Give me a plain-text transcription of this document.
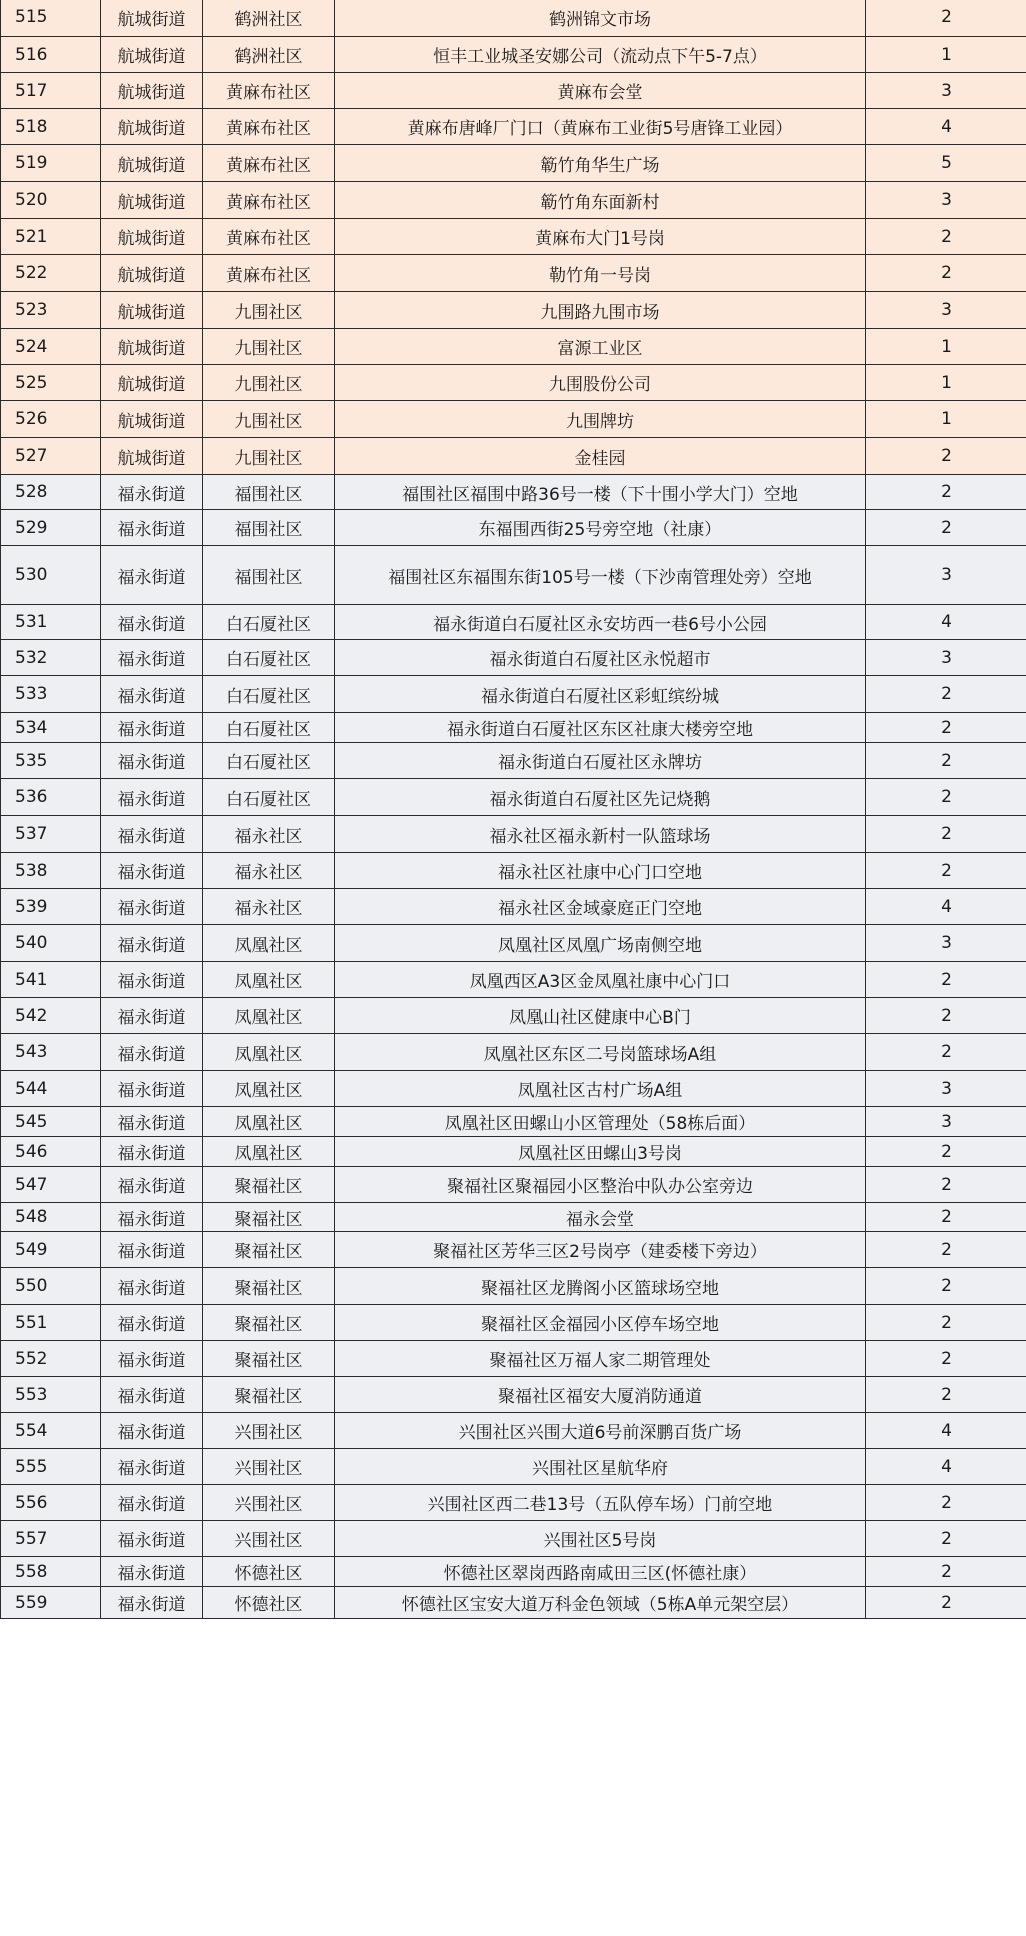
515	航城街道	鹤洲社区	鹤洲锦文市场	2
516	航城街道	鹤洲社区	恒丰工业城圣安娜公司（流动点下午5-7点）	1
517	航城街道	黄麻布社区	黄麻布会堂	3
518	航城街道	黄麻布社区	黄麻布唐峰厂门口（黄麻布工业街5号唐锋工业园）	4
519	航城街道	黄麻布社区	簕竹角华生广场	5
520	航城街道	黄麻布社区	簕竹角东面新村	3
521	航城街道	黄麻布社区	黄麻布大门1号岗	2
522	航城街道	黄麻布社区	勒竹角一号岗	2
523	航城街道	九围社区	九围路九围市场	3
524	航城街道	九围社区	富源工业区	1
525	航城街道	九围社区	九围股份公司	1
526	航城街道	九围社区	九围牌坊	1
527	航城街道	九围社区	金桂园	2
528	福永街道	福围社区	福围社区福围中路36号一楼（下十围小学大门）空地	2
529	福永街道	福围社区	东福围西街25号旁空地（社康）	2
530	福永街道	福围社区	福围社区东福围东街105号一楼（下沙南管理处旁）空地	3
531	福永街道	白石厦社区	福永街道白石厦社区永安坊西一巷6号小公园	4
532	福永街道	白石厦社区	福永街道白石厦社区永悦超市	3
533	福永街道	白石厦社区	福永街道白石厦社区彩虹缤纷城	2
534	福永街道	白石厦社区	福永街道白石厦社区东区社康大楼旁空地	2
535	福永街道	白石厦社区	福永街道白石厦社区永牌坊	2
536	福永街道	白石厦社区	福永街道白石厦社区先记烧鹅	2
537	福永街道	福永社区	福永社区福永新村一队篮球场	2
538	福永街道	福永社区	福永社区社康中心门口空地	2
539	福永街道	福永社区	福永社区金域豪庭正门空地	4
540	福永街道	凤凰社区	凤凰社区凤凰广场南侧空地	3
541	福永街道	凤凰社区	凤凰西区A3区金凤凰社康中心门口	2
542	福永街道	凤凰社区	凤凰山社区健康中心B门	2
543	福永街道	凤凰社区	凤凰社区东区二号岗篮球场A组	2
544	福永街道	凤凰社区	凤凰社区古村广场A组	3
545	福永街道	凤凰社区	凤凰社区田螺山小区管理处（58栋后面）	3
546	福永街道	凤凰社区	凤凰社区田螺山3号岗	2
547	福永街道	聚福社区	聚福社区聚福园小区整治中队办公室旁边	2
548	福永街道	聚福社区	福永会堂	2
549	福永街道	聚福社区	聚福社区芳华三区2号岗亭（建委楼下旁边）	2
550	福永街道	聚福社区	聚福社区龙腾阁小区篮球场空地	2
551	福永街道	聚福社区	聚福社区金福园小区停车场空地	2
552	福永街道	聚福社区	聚福社区万福人家二期管理处	2
553	福永街道	聚福社区	聚福社区福安大厦消防通道	2
554	福永街道	兴围社区	兴围社区兴围大道6号前深鹏百货广场	4
555	福永街道	兴围社区	兴围社区星航华府	4
556	福永街道	兴围社区	兴围社区西二巷13号（五队停车场）门前空地	2
557	福永街道	兴围社区	兴围社区5号岗	2
558	福永街道	怀德社区	怀德社区翠岗西路南咸田三区(怀德社康）	2
559	福永街道	怀德社区	怀德社区宝安大道万科金色领域（5栋A单元架空层）	2
